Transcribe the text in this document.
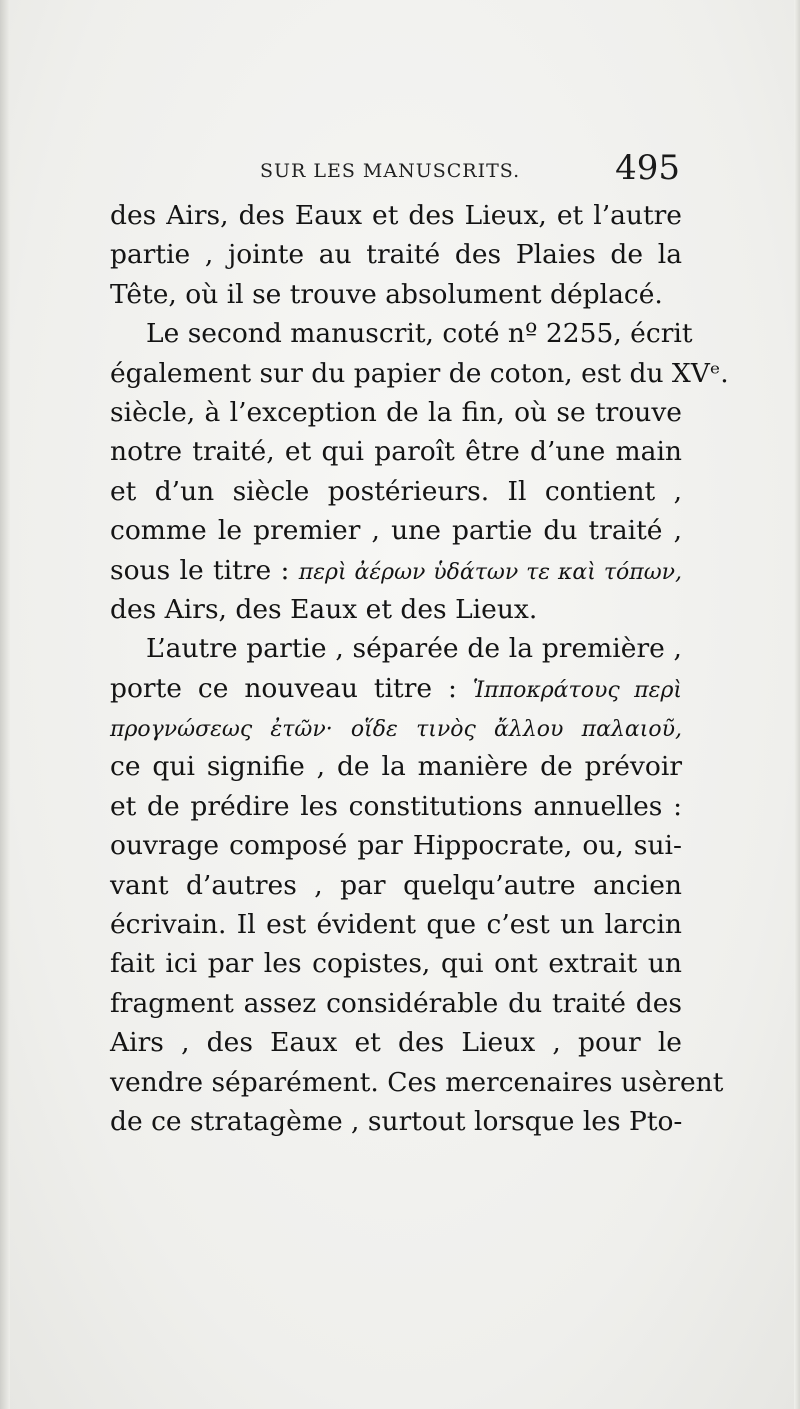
SUR LES MANUSCRITS.	495
des Airs, des Eaux et des Lieux, et l’autre
partie , jointe au traité des Plaies de la
Tête, où il se trouve absolument déplacé.
Le second manuscrit, coté nº 2255, écrit
également sur du papier de coton, est du XVᵉ.
siècle, à l’exception de la fin, où se trouve
notre traité, et qui paroît être d’une main
et d’un siècle postérieurs. Il contient ,
comme le premier , une partie du traité ,
sous le titre : περὶ ἀέρων ὑδάτων τε καὶ τόπων,
des Airs, des Eaux et des Lieux.
L’autre partie , séparée de la première ,
porte ce nouveau titre : Ἱπποκράτους περὶ
προγνώσεως ἐτῶν· οἵδε τινὸς ἄλλου παλαιοῦ,
ce qui signifie , de la manière de prévoir
et de prédire les constitutions annuelles :
ouvrage composé par Hippocrate, ou, sui-
vant d’autres , par quelqu’autre ancien
écrivain. Il est évident que c’est un larcin
fait ici par les copistes, qui ont extrait un
fragment assez considérable du traité des
Airs , des Eaux et des Lieux , pour le
vendre séparément. Ces mercenaires usèrent
de ce stratagème , surtout lorsque les Pto-
